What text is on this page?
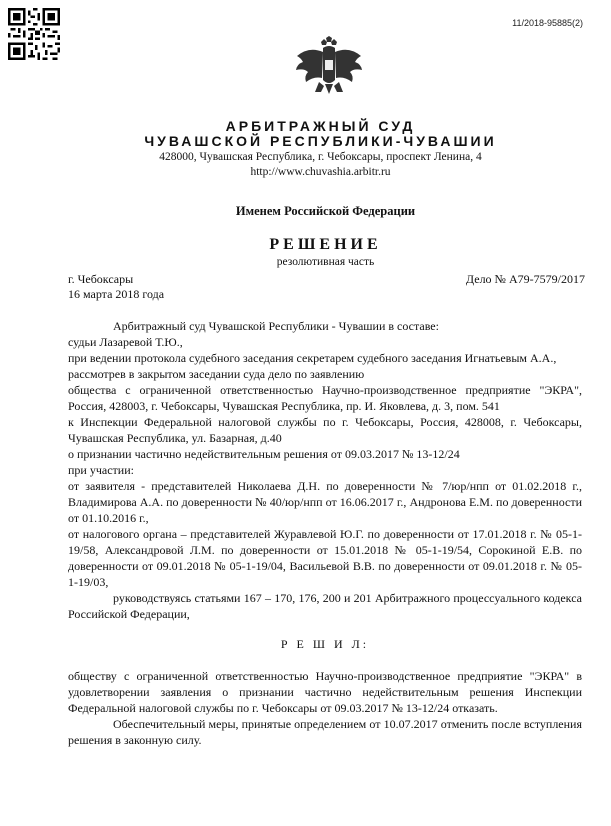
11/2018-95885(2)
АРБИТРАЖНЫЙ СУД
ЧУВАШСКОЙ РЕСПУБЛИКИ-ЧУВАШИИ
428000, Чувашская Республика, г. Чебоксары, проспект Ленина, 4
http://www.chuvashia.arbitr.ru
Именем Российской Федерации
РЕШЕНИЕ
резолютивная часть
г. Чебоксары
16 марта 2018 года
Дело № А79-7579/2017

Арбитражный суд Чувашской Республики - Чувашии в составе:

судьи Лазаревой Т.Ю.,

при ведении протокола судебного заседания секретарем судебного заседания Игнатьевым А.А.,

рассмотрев в закрытом заседании суда дело по заявлению

общества с ограниченной ответственностью Научно-производственное предприятие "ЭКРА", Россия, 428003, г. Чебоксары, Чувашская Республика, пр. И. Яковлева, д. 3, пом. 541

к Инспекции Федеральной налоговой службы по г. Чебоксары, Россия, 428008, г. Чебоксары, Чувашская Республика, ул. Базарная, д.40

о признании частично недействительным решения от 09.03.2017 № 13-12/24

при участии:

от заявителя - представителей Николаева Д.Н. по доверенности № 7/юр/нпп от 01.02.2018 г., Владимирова А.А. по доверенности № 40/юр/нпп от 16.06.2017 г., Андронова Е.М. по доверенности от 01.10.2016 г.,

от налогового органа – представителей Журавлевой Ю.Г. по доверенности от 17.01.2018 г. № 05-1-19/58, Александровой Л.М. по доверенности от 15.01.2018 № 05-1-19/54, Сорокиной Е.В. по доверенности от 09.01.2018 № 05-1-19/04, Васильевой В.В. по доверенности от 09.01.2018 г. № 05-1-19/03,

руководствуясь статьями 167 – 170, 176, 200 и 201 Арбитражного процессуального кодекса Российской Федерации,

Р Е Ш И Л:

обществу с ограниченной ответственностью Научно-производственное предприятие "ЭКРА" в удовлетворении заявления о признании частично недействительным решения Инспекции Федеральной налоговой службы по г. Чебоксары от 09.03.2017 № 13-12/24 отказать.

Обеспечительный меры, принятые определением от 10.07.2017 отменить после вступления решения в законную силу.
